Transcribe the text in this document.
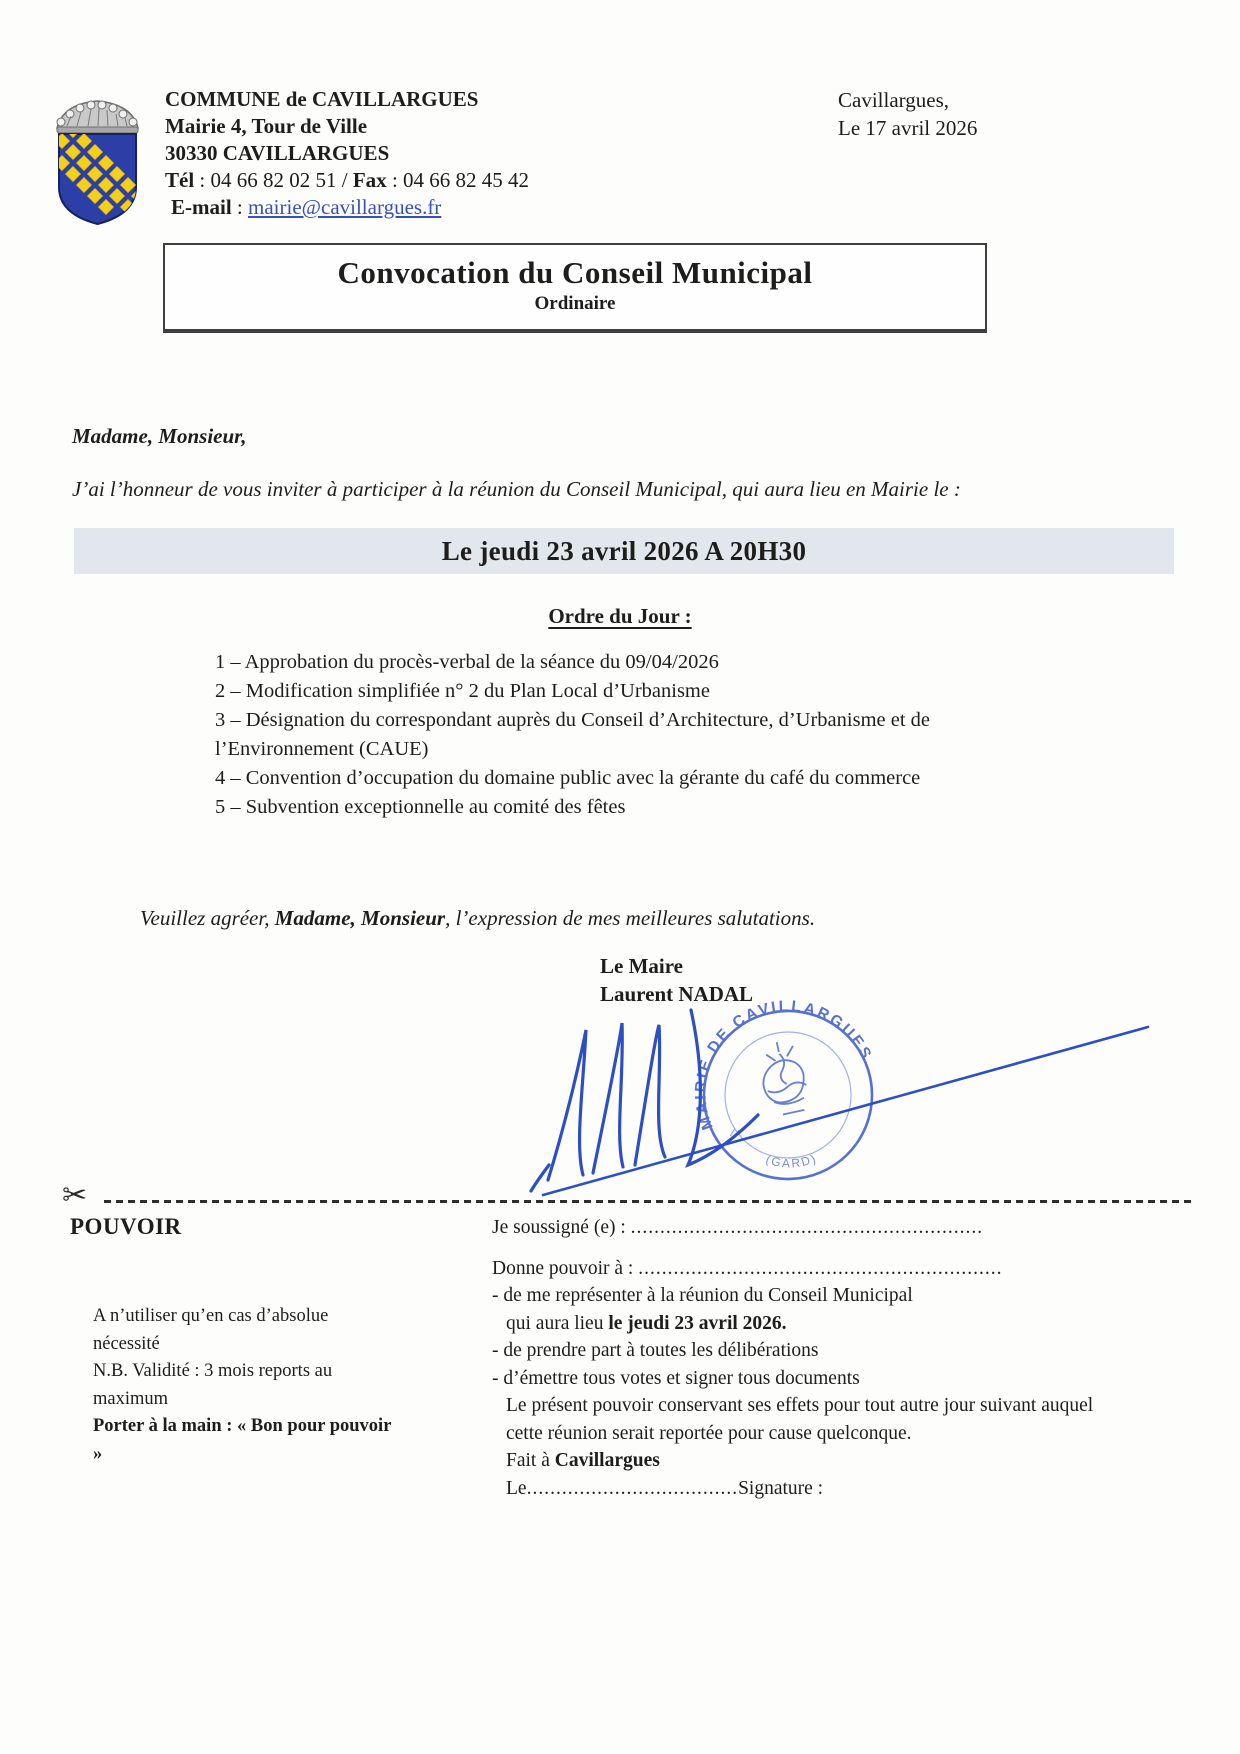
COMMUNE de CAVILLARGUES
Mairie 4, Tour de Ville
30330 CAVILLARGUES
Tél : 04 66 82 02 51 / Fax : 04 66 82 45 42
E-mail : mairie@cavillargues.fr
Cavillargues,
Le 17 avril 2026
Convocation du Conseil Municipal
Ordinaire
Madame, Monsieur,
J’ai l’honneur de vous inviter à participer à la réunion du Conseil Municipal, qui aura lieu en Mairie le :
Le jeudi 23 avril 2026 A 20H30
Ordre du Jour :
1 – Approbation du procès-verbal de la séance du 09/04/2026
2 – Modification simplifiée n° 2 du Plan Local d’Urbanisme
3 – Désignation du correspondant auprès du Conseil d’Architecture, d’Urbanisme et de l’Environnement (CAUE)
4 – Convention d’occupation du domaine public avec la gérante du café du commerce
5 – Subvention exceptionnelle au comité des fêtes
Veuillez agréer, Madame, Monsieur, l’expression de mes meilleures salutations.
Le Maire
Laurent NADAL
MAIRIE DE CAVILLARGUES
(GARD)
✂
POUVOIR
A n’utiliser qu’en cas d’absolue nécessité
N.B. Validité : 3 mois reports au maximum
Porter à la main : « Bon pour pouvoir »
Je soussigné (e) : ............................................................
Donne pouvoir à : ..............................................................
- de me représenter à la réunion du Conseil Municipal
qui aura lieu le jeudi 23 avril 2026.
- de prendre part à toutes les délibérations
- d’émettre tous votes et signer tous documents
Le présent pouvoir conservant ses effets pour tout autre jour suivant auquel
cette réunion serait reportée pour cause quelconque.
Fait à Cavillargues
Le....................................Signature :
